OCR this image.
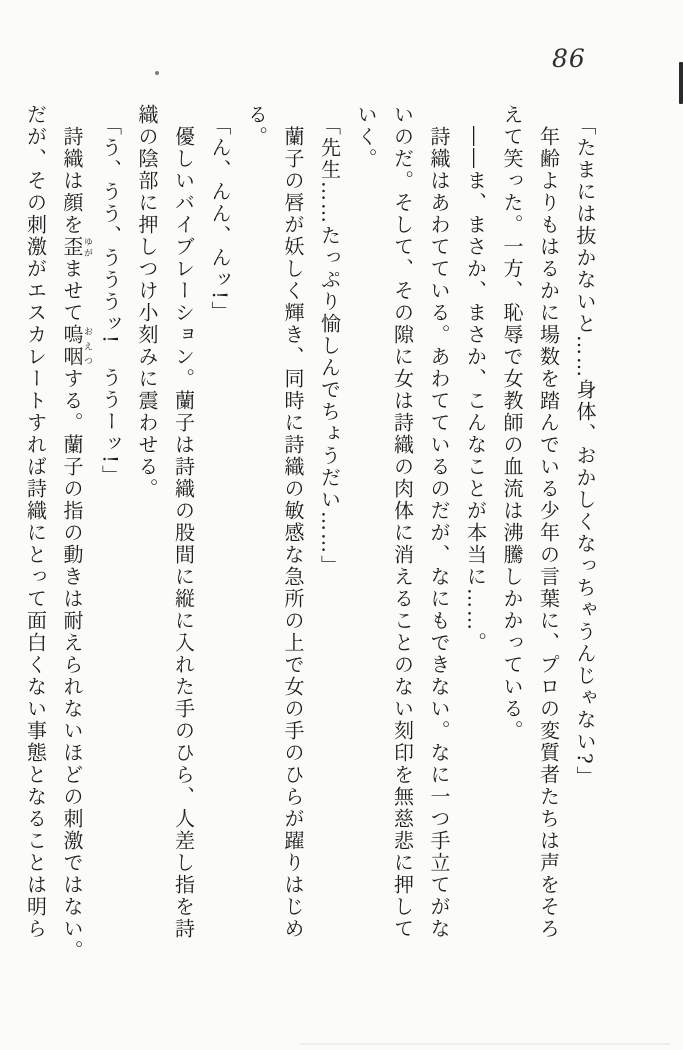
86
「たまには抜かないと……身体、おかしくなっちゃうんじゃない?」
年齢よりもはるかに場数を踏んでいる少年の言葉に、プロの変質者たちは声をそろ
えて笑った。一方、恥辱で女教師の血流は沸騰しかかっている。
――ま、まさか、まさか、こんなことが本当に……。
詩織はあわてている。あわてているのだが、なにもできない。なに一つ手立てがな
いのだ。そして、その隙に女は詩織の肉体に消えることのない刻印を無慈悲に押して
いく。
「先生……たっぷり愉しんでちょうだい……」
蘭子の唇が妖しく輝き、同時に詩織の敏感な急所の上で女の手のひらが躍りはじめ
る。
「ん、んん、んッ!」
優しいバイブレーション。蘭子は詩織の股間に縦に入れた手のひら、人差し指を詩
織の陰部に押しつけ小刻みに震わせる。
「う、うう、うううッ!　ううーッ!」
詩織は顔を歪ゆがませて嗚咽おえつする。蘭子の指の動きは耐えられないほどの刺激ではない。
だが、その刺激がエスカレートすれば詩織にとって面白くない事態となることは明ら
